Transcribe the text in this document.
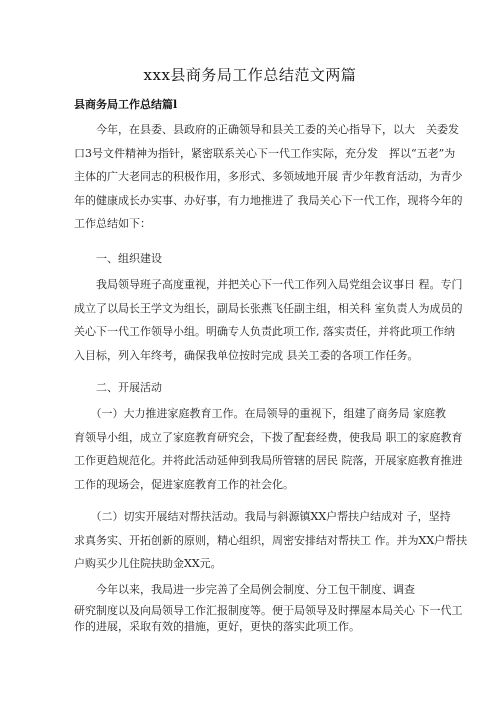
xxx县商务局工作总结范文两篇
县商务局工作总结篇l
　　今年，在县委、县政府的正确领导和县关工委的关心指导下，以大　关委发
口3号文件精神为指针，紧密联系关心下一代工作实际，充分发　挥以“五老”为
主体的广大老同志的积极作用，多形式、多领域地开展 青少年教育活动，为青少
年的健康成长办实事、办好事，有力地推进了 我局关心下一代工作，现将今年的
工作总结如下：
　　一、组织建设
　　我局领导班子高度重视，并把关心下一代工作列入局党组会议事日 程。专门
成立了以局长王学文为组长，副局长张燕飞任副主组，相关科 室负责人为成员的
关心下一代工作领导小组。明确专人负责此项工作, 落实责任，并将此项工作纳
入目标，列入年终考，确保我单位按时完成 县关工委的各项工作任务。
　　二、开展活动
　　（一）大力推进家庭教育工作。在局领导的重视下，组建了商务局 家庭教
育领导小组，成立了家庭教育研究会，下拨了配套经费，使我局 职工的家庭教育
工作更趋规范化。并将此活动延伸到我局所管辖的居民 院落，开展家庭教育推进
工作的现场会，促进家庭教育工作的社会化。
　　（二）切实开展结对帮扶活动。我局与斜源镇XX户帮扶户结成对 子，坚持
求真务实、开拓创新的原则，精心组织，周密安排结对帮扶工 作。并为XX户帮扶
户购买少儿住院扶助金XX元。
　　今年以来，我局进一步完善了全局例会制度、分工包干制度、调查
研究制度以及向局领导工作汇报制度等。便于局领导及时擇屋本局关心 下一代工
作的进展，采取有效的措施，更好，更快的落实此项工作。
